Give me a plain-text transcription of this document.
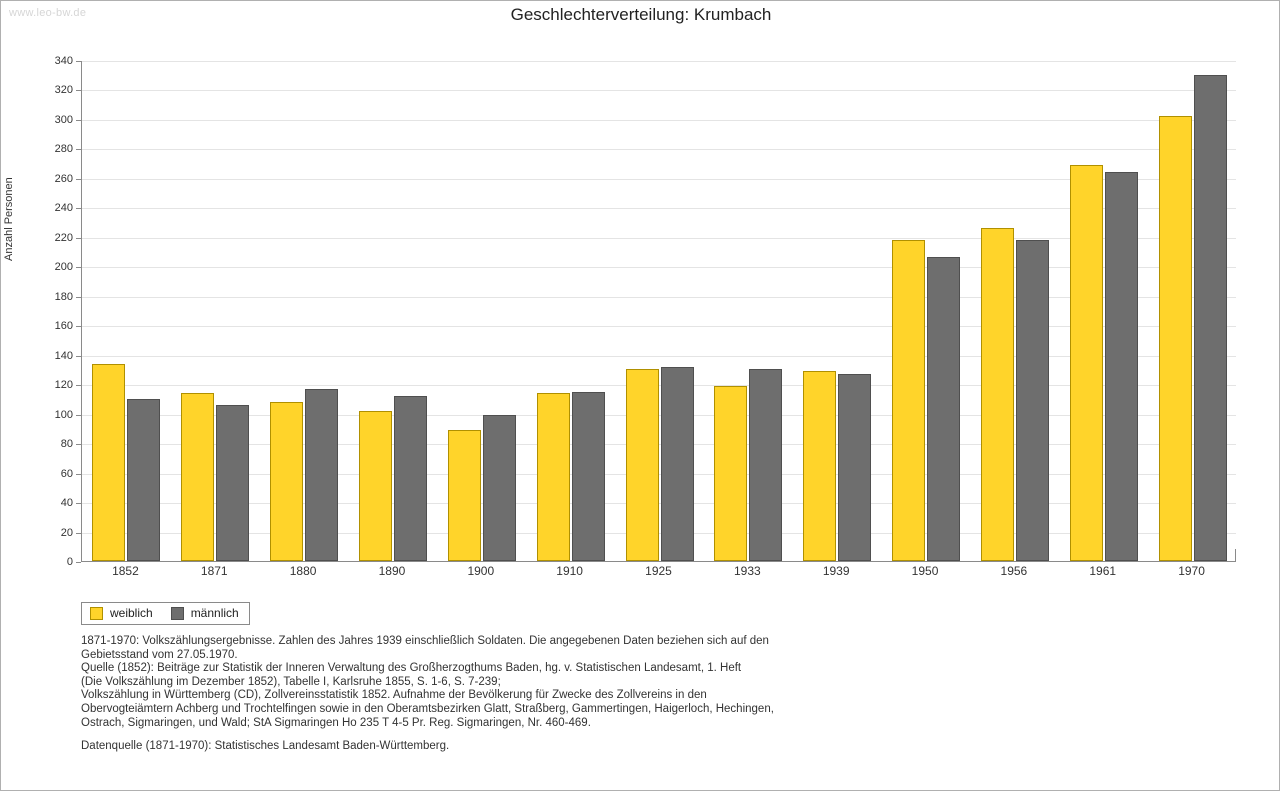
www.leo-bw.de	Geschlechterverteilung: Krumbach
Anzahl Personen
0
20
40
60
80
100
120
140
160
180
200
220
240
260
280
300
320
340
1852	1871	1880	1890	1900	1910	1925	1933	1939	1950	1956	1961	1970
weiblich	männlich

1871-1970: Volkszählungsergebnisse. Zahlen des Jahres 1939 einschließlich Soldaten. Die angegebenen Daten beziehen sich auf den

Gebietsstand vom 27.05.1970.

Quelle (1852): Beiträge zur Statistik der Inneren Verwaltung des Großherzogthums Baden, hg. v. Statistischen Landesamt, 1. Heft

(Die Volkszählung im Dezember 1852), Tabelle I, Karlsruhe 1855, S. 1-6, S. 7-239;

Volkszählung in Württemberg (CD), Zollvereinsstatistik 1852. Aufnahme der Bevölkerung für Zwecke des Zollvereins in den

Obervogteiämtern Achberg und Trochtelfingen sowie in den Oberamtsbezirken Glatt, Straßberg, Gammertingen, Haigerloch, Hechingen,

Ostrach, Sigmaringen, und Wald; StA Sigmaringen Ho 235 T 4-5 Pr. Reg. Sigmaringen, Nr. 460-469.

Datenquelle (1871-1970): Statistisches Landesamt Baden-Württemberg.
